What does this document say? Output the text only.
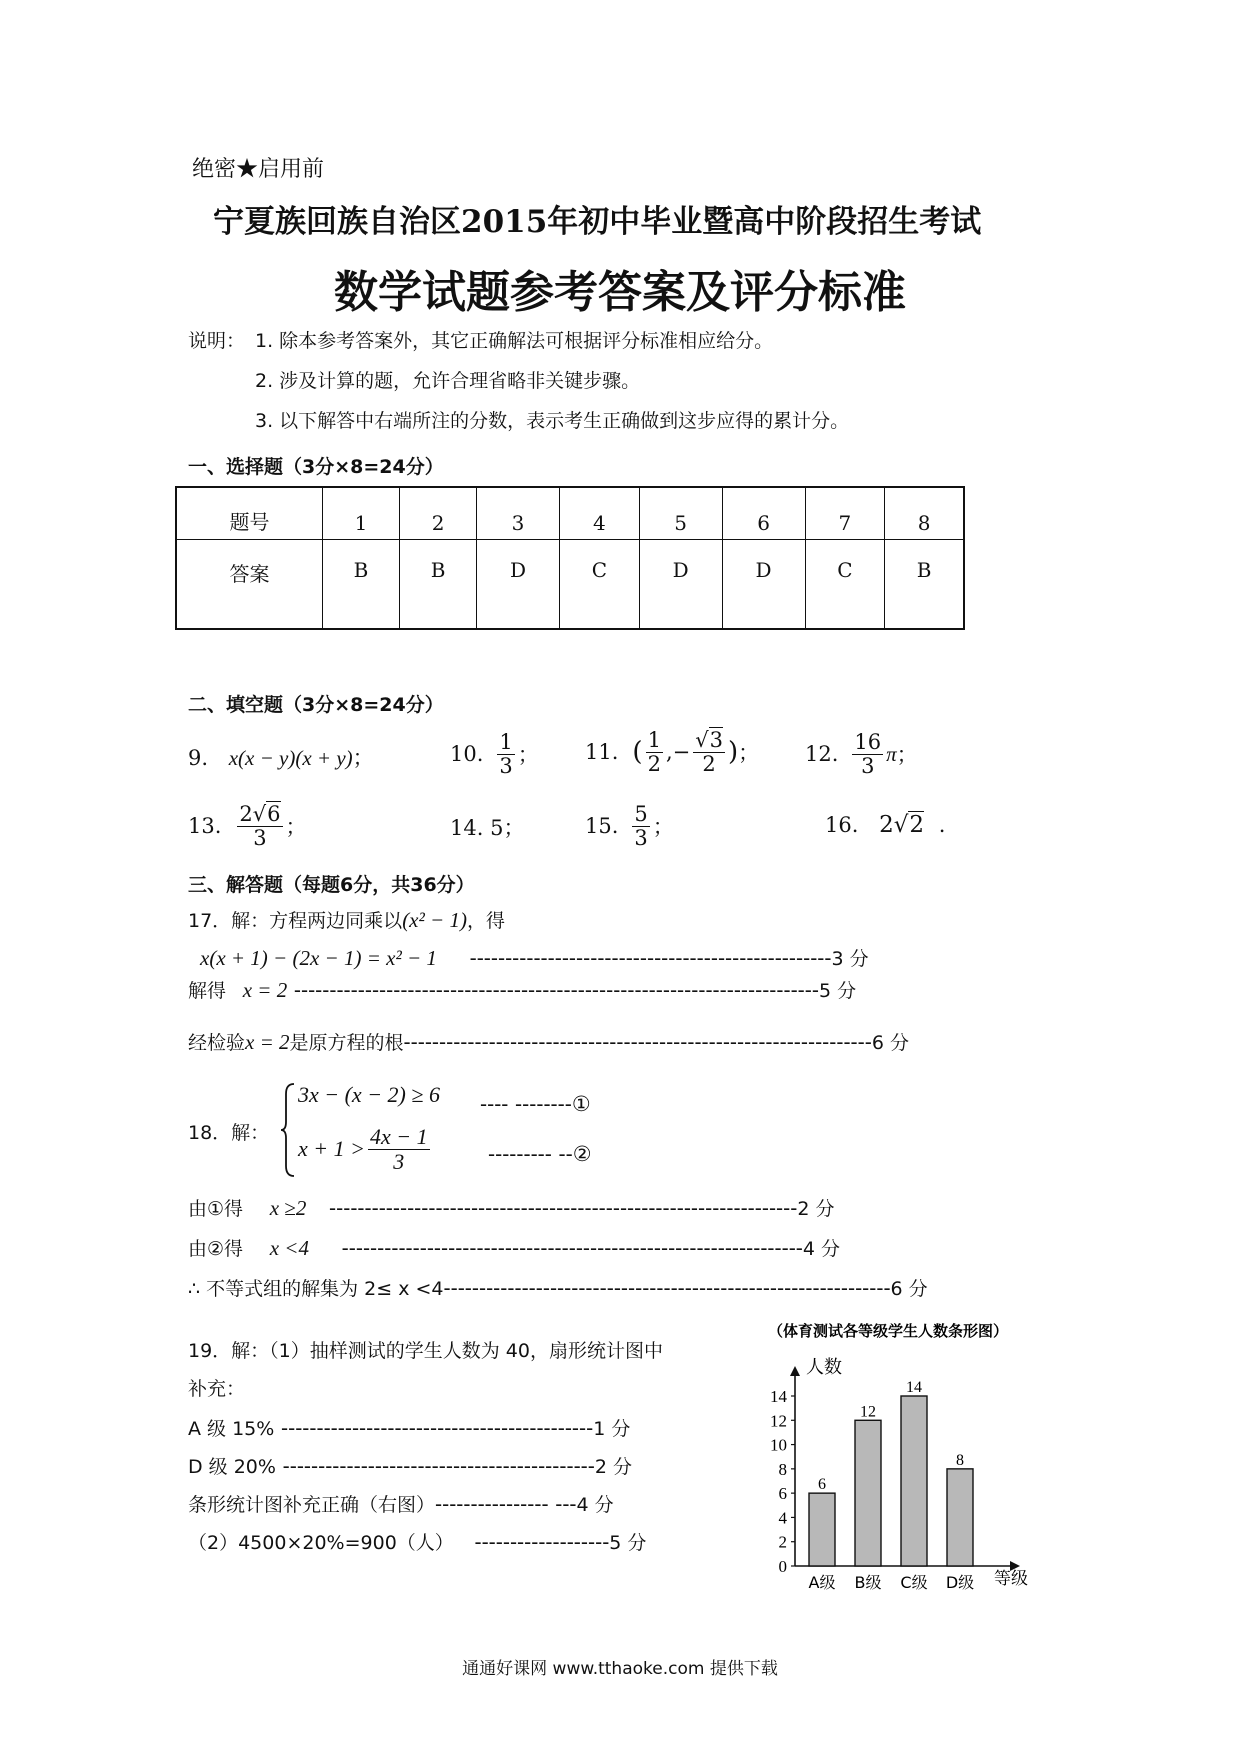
绝密★启用前
宁夏族回族自治区2015年初中毕业暨高中阶段招生考试
数学试题参考答案及评分标准
说明： 1. 除本参考答案外，其它正确解法可根据评分标准相应给分。
2. 涉及计算的题，允许合理省略非关键步骤。
3. 以下解答中右端所注的分数，表示考生正确做到这步应得的累计分。
一、选择题（3分×8=24分）
题号	1	2	3	4	5	6	7	8
答案	B	B	D	C	D	D	C	B
二、填空题（3分×8=24分）
9. x(x − y)(x + y)；	10. $\frac{1}{3}$ ； 11. ( $\frac{1}{2}$ ,− $\frac{√3}{2}$ ) ； 12. $\frac{16}{3}$ π ；
13. $\frac{2√6}{3}$ ；	14. 5；	15. $\frac{5}{3}$ ；	16. 2√2 .
三、解答题（每题6分，共36分）
17．解：方程两边同乘以(x² − 1)，得
x(x + 1) − (2x − 1) = x² − 1 ---------------------------------------------------3 分
解得 x = 2 --------------------------------------------------------------------------5 分
经检验x = 2是原方程的根------------------------------------------------------------------6 分
18．解：
3x − (x − 2) ≥ 6
$x + 1 > \frac{4x - 1}{3}$
---- --------①
--------- --②
由①得 x ≥2 ------------------------------------------------------------------2 分
由②得 x <4 -----------------------------------------------------------------4 分
∴ 不等式组的解集为 2≤ x <4---------------------------------------------------------------6 分
19．解：（1）抽样测试的学生人数为 40，扇形统计图中
补充：
A 级 15% --------------------------------------------1 分
D 级 20% --------------------------------------------2 分
条形统计图补充正确（右图）---------------- ---4 分
（2）4500×20%=900（人） -------------------5 分
（体育测试各等级学生人数条形图）
人数
等级
0
2
4
6
8
10
12
14
6
A级
12
B级
14
C级
8
D级
通通好课网 www.tthaoke.com 提供下载
